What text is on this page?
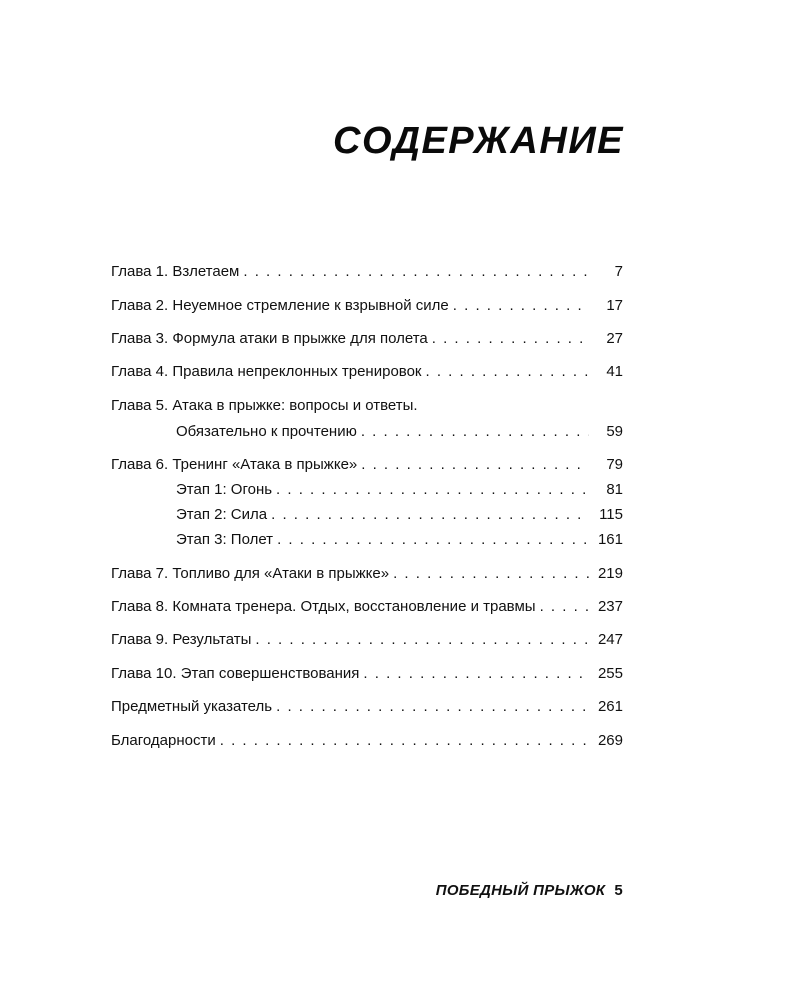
СОДЕРЖАНИЕ
Глава 1. Взлетаем . . .	7
Глава 2. Неуемное стремление к взрывной силе . . .	17
Глава 3. Формула атаки в прыжке для полета . . .	27
Глава 4. Правила непреклонных тренировок . . .	41
Глава 5. Атака в прыжке: вопросы и ответы.
Обязательно к прочтению . . .	59
Глава 6. Тренинг «Атака в прыжке» . . .	79
Этап 1: Огонь . . .	81
Этап 2: Сила . . .	115
Этап 3: Полет . . .	161
Глава 7. Топливо для «Атаки в прыжке» . . .	219
Глава 8. Комната тренера. Отдых, восстановление и травмы . . .	237
Глава 9. Результаты . . .	247
Глава 10. Этап совершенствования . . .	255
Предметный указатель . . .	261
Благодарности . . .	269
ПОБЕДНЫЙ ПРЫЖОК 5
